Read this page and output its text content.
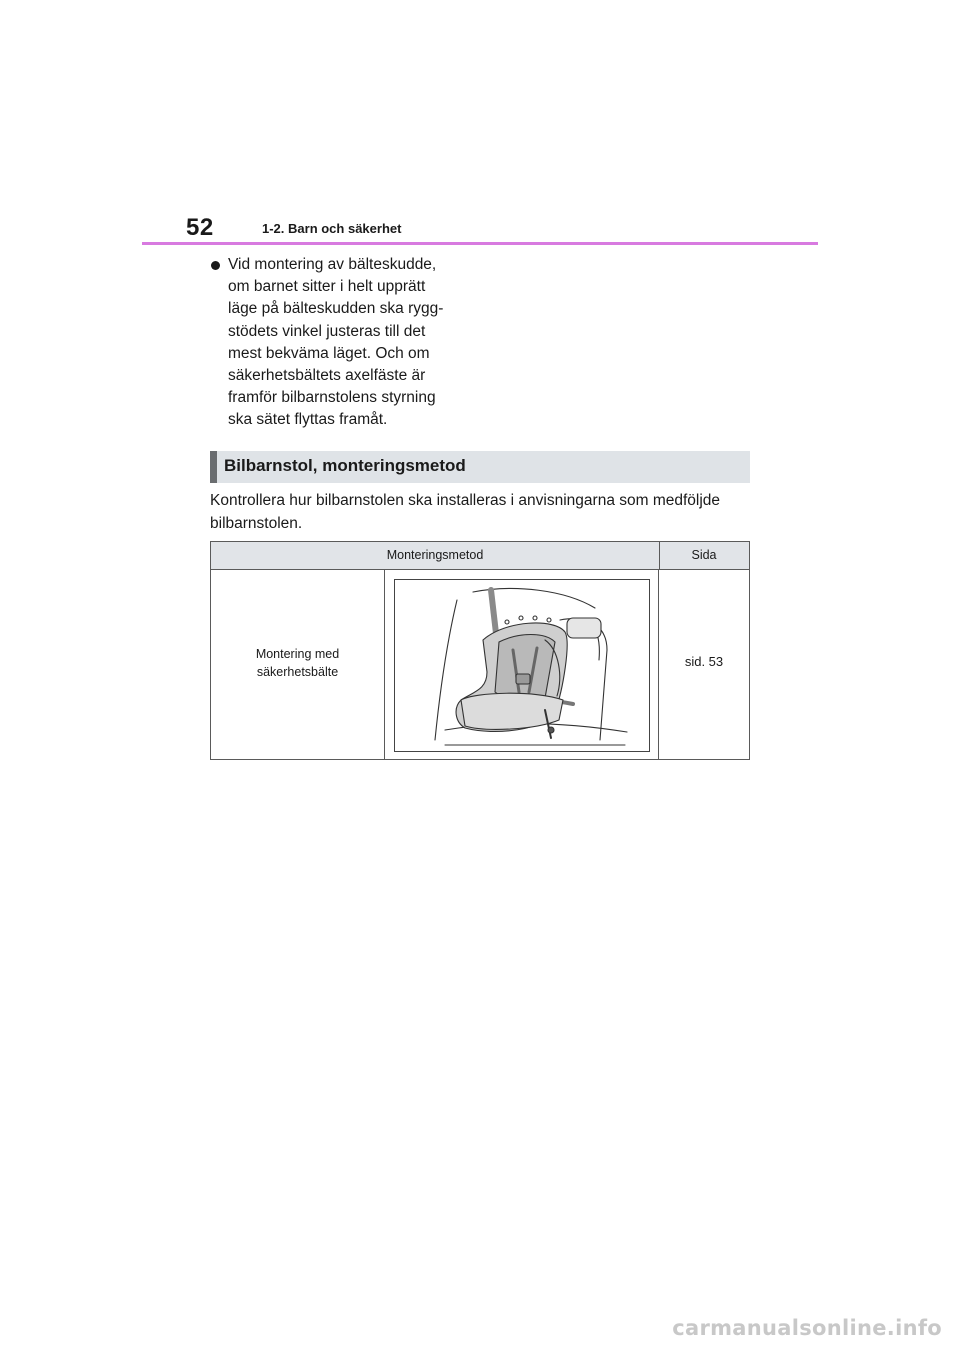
52	1-2. Barn och säkerhet
Vid montering av bälteskudde,
om barnet sitter i helt upprätt
läge på bälteskudden ska rygg-
stödets vinkel justeras till det
mest bekväma läget. Och om
säkerhetsbältets axelfäste är
framför bilbarnstolens styrning
ska sätet flyttas framåt.
Bilbarnstol, monteringsmetod
Kontrollera hur bilbarnstolen ska installeras i anvisningarna som medföljde
bilbarnstolen.
Monteringsmetod	Sida
Montering med
säkerhetsbälte
sid. 53
carmanualsonline.info
